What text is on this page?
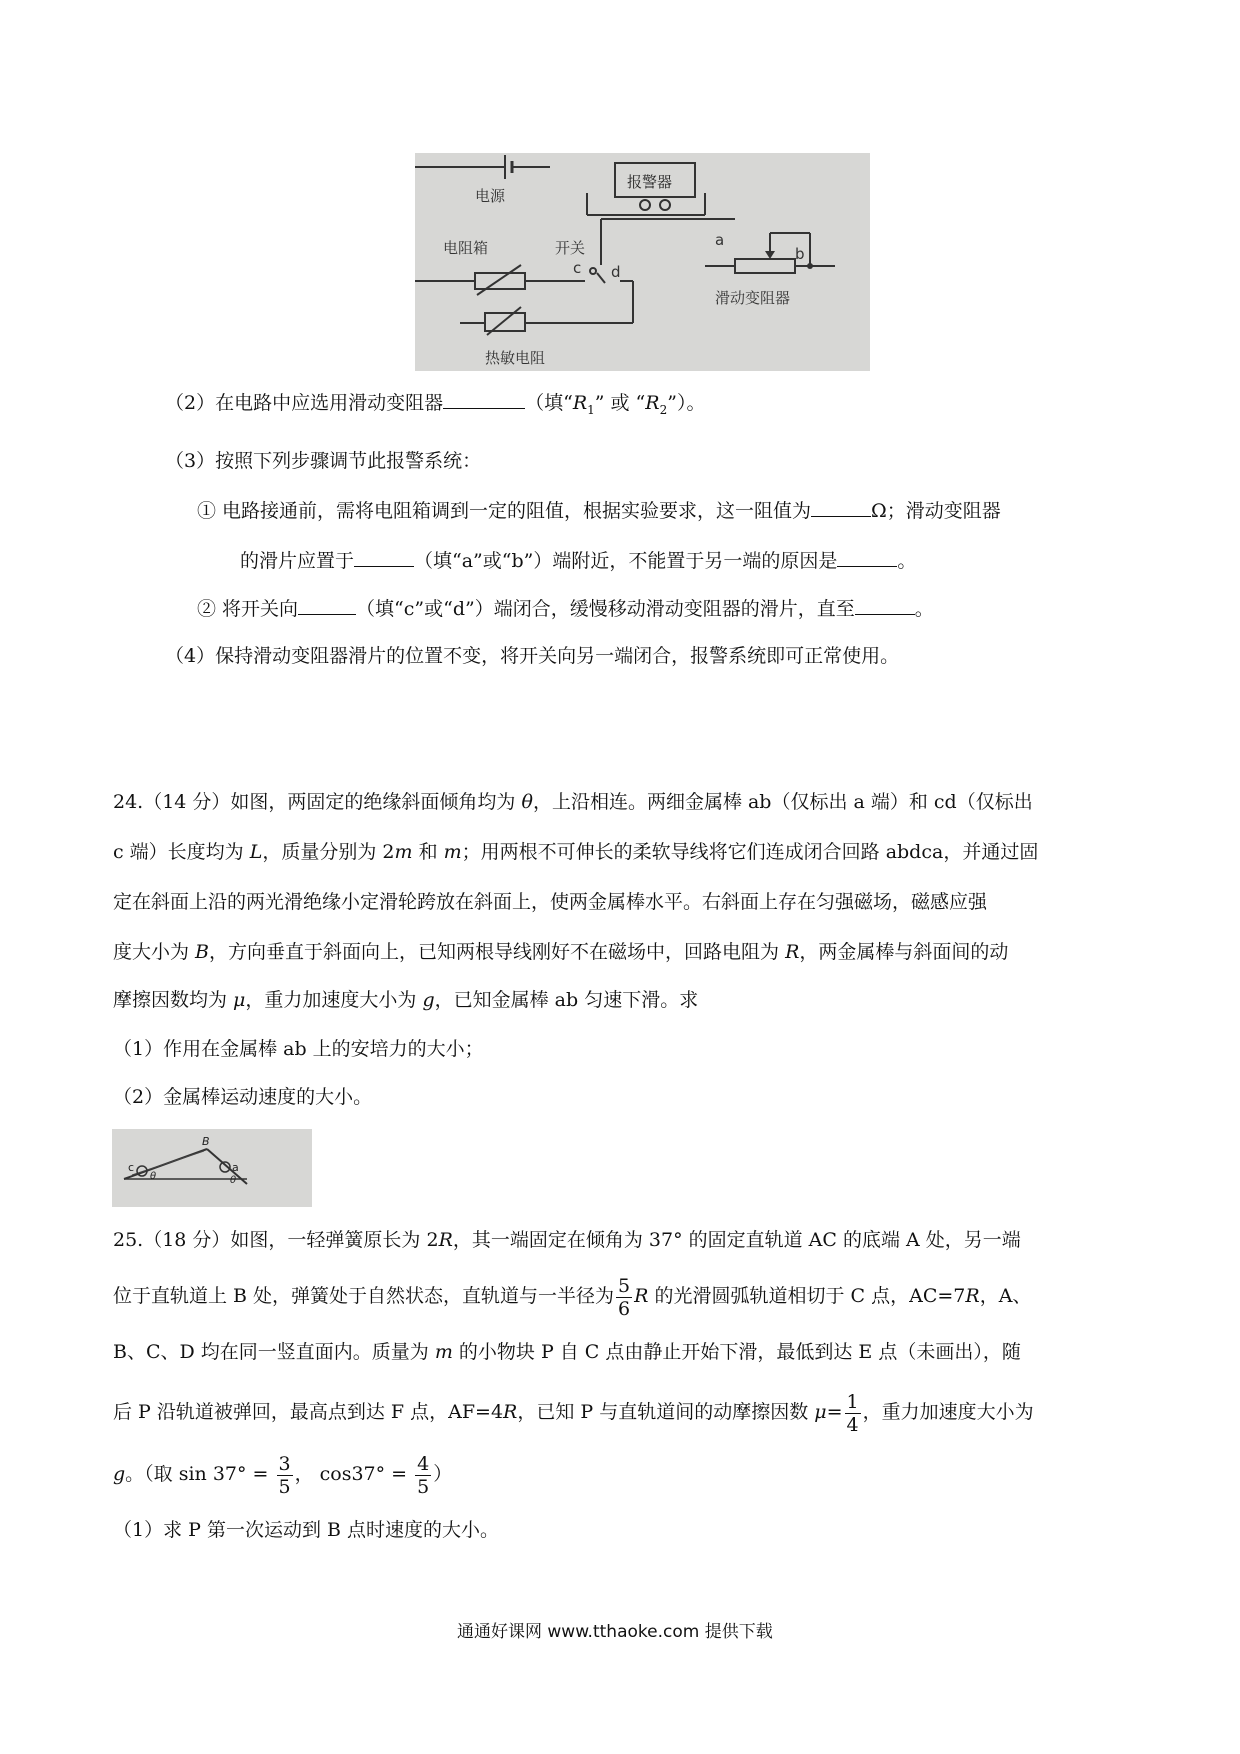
电源
报警器
电阻箱	开关
c d
热敏电阻
a
b
滑动变阻器
（2）在电路中应选用滑动变阻器	（填“$R_1$” 或 “$R_2$”）。
（3）按照下列步骤调节此报警系统：
① 电路接通前，需将电阻箱调到一定的阻值，根据实验要求，这一阻值为	Ω；滑动变阻器
的滑片应置于	（填“a”或“b”）端附近，不能置于另一端的原因是	。
② 将开关向	（填“c”或“d”）端闭合，缓慢移动滑动变阻器的滑片，直至	。
（4）保持滑动变阻器滑片的位置不变，将开关向另一端闭合，报警系统即可正常使用。
24.（14 分）如图，两固定的绝缘斜面倾角均为 θ，上沿相连。两细金属棒 ab（仅标出 a 端）和 cd（仅标出
c 端）长度均为 L，质量分别为 2m 和 m；用两根不可伸长的柔软导线将它们连成闭合回路 abdca，并通过固
定在斜面上沿的两光滑绝缘小定滑轮跨放在斜面上，使两金属棒水平。右斜面上存在匀强磁场，磁感应强
度大小为 B，方向垂直于斜面向上，已知两根导线刚好不在磁场中，回路电阻为 R，两金属棒与斜面间的动
摩擦因数均为 μ，重力加速度大小为 g，已知金属棒 ab 匀速下滑。求
（1）作用在金属棒 ab 上的安培力的大小；
（2）金属棒运动速度的大小。
B
c	a
θ	θ
25.（18 分）如图，一轻弹簧原长为 2R，其一端固定在倾角为 37° 的固定直轨道 AC 的底端 A 处，另一端
位于直轨道上 B 处，弹簧处于自然状态，直轨道与一半径为 $\frac{5}{6}$ R 的光滑圆弧轨道相切于 C 点，AC=7R，A、
B、C、D 均在同一竖直面内。质量为 m 的小物块 P 自 C 点由静止开始下滑，最低到达 E 点（未画出），随
后 P 沿轨道被弹回，最高点到达 F 点，AF=4R，已知 P 与直轨道间的动摩擦因数 $\mu= \frac{1}{4}$ ，重力加速度大小为
g。（取 $\sin 37^\circ = \frac{3}{5}$ ， $\cos 37^\circ = \frac{4}{5}$ ）
（1）求 P 第一次运动到 B 点时速度的大小。
通通好课网 www.tthaoke.com 提供下载
